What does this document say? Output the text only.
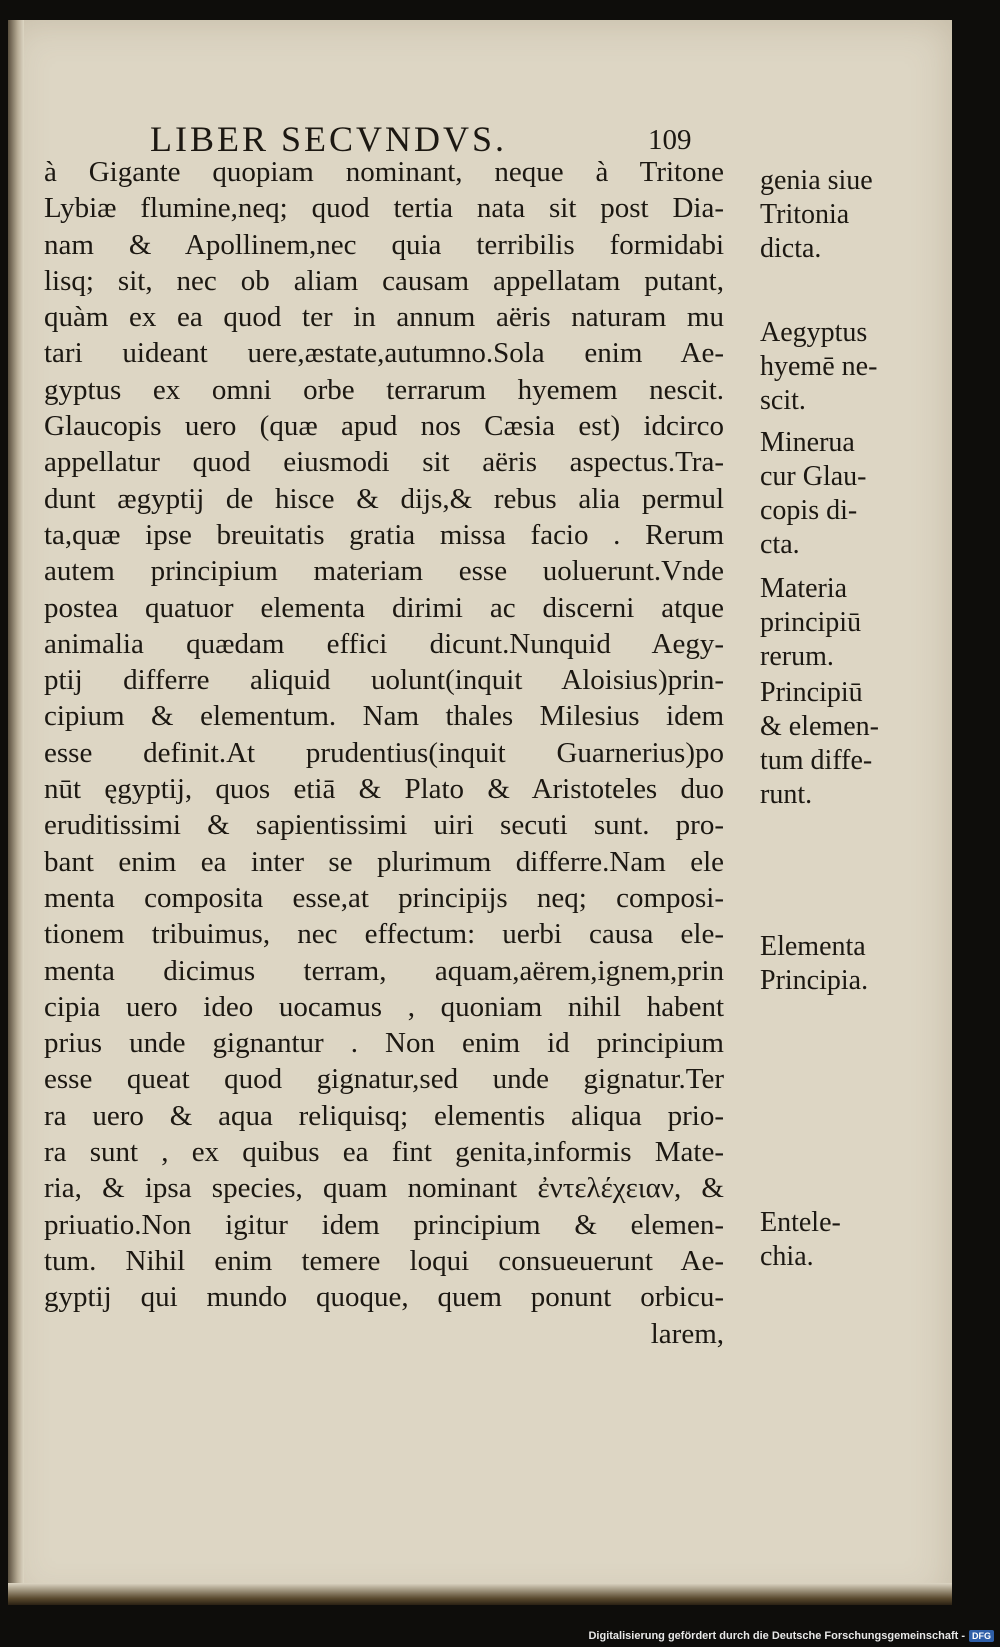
LIBER SECVNDVS.	109
à Gigante quopiam nominant, neque à Tritone
Lybiæ flumine,neq; quod tertia nata sit post Dia-
nam & Apollinem,nec quia terribilis formidabi
lisq; sit, nec ob aliam causam appellatam putant,
quàm ex ea quod ter in annum aëris naturam mu
tari uideant uere,æstate,autumno.Sola enim Ae-
gyptus ex omni orbe terrarum hyemem nescit.
Glaucopis uero (quæ apud nos Cæsia est) idcirco
appellatur quod eiusmodi sit aëris aspectus.Tra-
dunt ægyptij de hisce & dijs,& rebus alia permul
ta,quæ ipse breuitatis gratia missa facio . Rerum
autem principium materiam esse uoluerunt.Vnde
postea quatuor elementa dirimi ac discerni atque
animalia quædam effici dicunt.Nunquid Aegy-
ptij differre aliquid uolunt(inquit Aloisius)prin-
cipium & elementum. Nam thales Milesius idem
esse definit.At prudentius(inquit Guarnerius)po
nūt ęgyptij, quos etiā & Plato & Aristoteles duo
eruditissimi & sapientissimi uiri secuti sunt. pro-
bant enim ea inter se plurimum differre.Nam ele
menta composita esse,at principijs neq; composi-
tionem tribuimus, nec effectum: uerbi causa ele-
menta dicimus terram, aquam,aërem,ignem,prin
cipia uero ideo uocamus , quoniam nihil habent
prius unde gignantur . Non enim id principium
esse queat quod gignatur,sed unde gignatur.Ter
ra uero & aqua reliquisq; elementis aliqua prio-
ra sunt , ex quibus ea fint genita,informis Mate-
ria, & ipsa species, quam nominant ἐντελέχειαν, &
priuatio.Non igitur idem principium & elemen-
tum. Nihil enim temere loqui consueuerunt Ae-
gyptij qui mundo quoque, quem ponunt orbicu-
larem,
genia siue
Tritonia
dicta.
Aegyptus
hyemē ne-
scit.
Minerua
cur Glau-
copis di-
cta.
Materia
principiū
rerum.
Principiū
& elemen-
tum diffe-
runt.
Elementa
Principia.
Entele-
chia.
Digitalisierung gefördert durch die Deutsche Forschungsgemeinschaft - DFG
